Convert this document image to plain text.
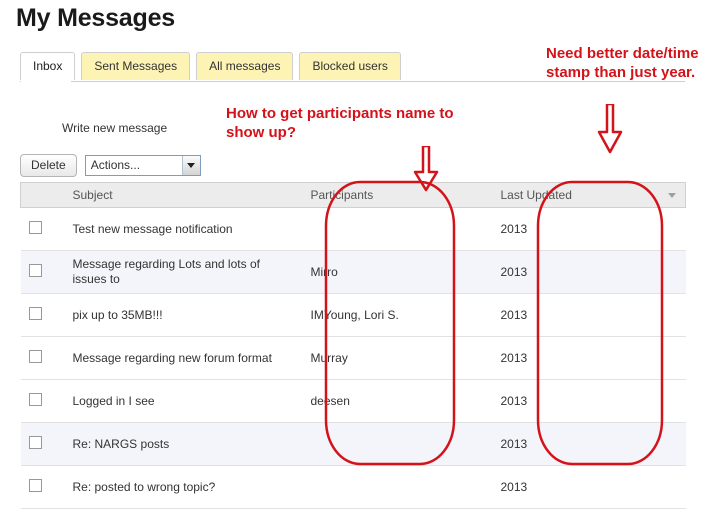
My Messages
Inbox	Sent Messages	All messages	Blocked users
Write new message
Delete	Actions...
	Subject	Participants	Last Updated

	Test new message notification		2013
	Message regarding Lots and lots of issues to	Mirro	2013
	pix up to 35MB!!!	IMYoung, Lori S.	2013
	Message regarding new forum format	Murray	2013
	Logged in I see	deesen	2013
	Re: NARGS posts		2013
	Re: posted to wrong topic?		2013
How to get participants name to show up?
Need better date/time stamp than just year.
